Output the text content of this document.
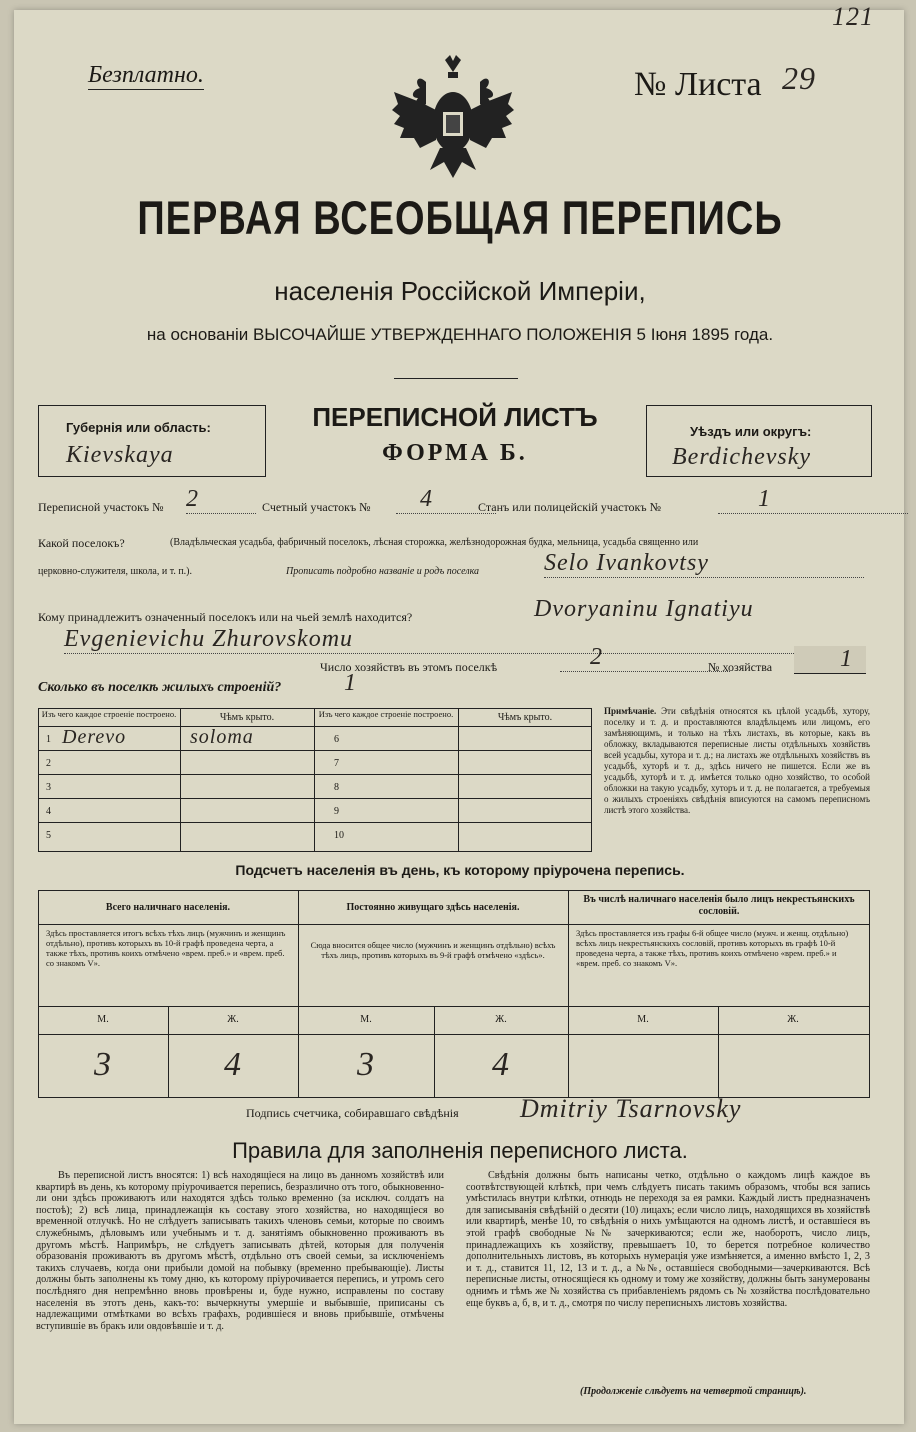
121
Безплатно.	№ Листа 29
ПЕРВАЯ ВСЕОБЩАЯ ПЕРЕПИСЬ
населенія Россійской Имперіи,
на основаніи ВЫСОЧАЙШЕ УТВЕРЖДЕННАГО ПОЛОЖЕНІЯ 5 Іюня 1895 года.
Губернія или область:
Kievskaya
ПЕРЕПИСНОЙ ЛИСТЪ
ФОРМА Б.
Уѣздъ или округъ:
Berdichevsky
Переписной участокъ № 2	Счетный участокъ №	4	Станъ или полицейскій участокъ №	1
Какой поселокъ?	(Владѣльческая усадьба, фабричный поселокъ, лѣсная сторожка, желѣзнодорожная будка, мельница, усадьба священно или
церковно-служителя, школа, и т. п.).	Прописать подробно названіе и родъ поселка	Selo Ivankovtsy
Кому принадлежитъ означенный поселокъ или на чьей землѣ находится?	Dvoryaninu Ignatiyu
Evgenievichu Zhurovskomu
Число хозяйствъ въ этомъ поселкѣ	2	№ хозяйства	1
Сколько въ поселкѣ жилыхъ строеній?	1
Изъ чего каждое строеніе построено.	Чѣмъ крыто.	Изъ чего каждое строеніе построено.	Чѣмъ крыто.
1 Derevo	soloma	6
2	7
3	8
4	9
5	10
Примѣчаніе. Эти свѣдѣнія относятся къ цѣлой усадьбѣ, хутору, поселку и т. д. и проставляются владѣльцемъ или лицомъ, его замѣняющимъ, и только на тѣхъ листахъ, въ которые, какъ въ обложку, вкладываются переписные листы отдѣльныхъ хозяйствъ всей усадьбы, хутора и т. д.; на листахъ же отдѣльныхъ хозяйствъ въ усадьбѣ, хуторѣ и т. д., здѣсь ничего не пишется. Если же въ усадьбѣ, хуторѣ и т. д. имѣется только одно хозяйство, то особой обложки на такую усадьбу, хуторъ и т. д. не полагается, а требуемыя о жилыхъ строеніяхъ свѣдѣнія вписуются на самомъ переписномъ листѣ этого хозяйства.
Подсчетъ населенія въ день, къ которому пріурочена перепись.
Всего наличнаго населенія.	Постоянно живущаго здѣсь населенія.
Въ числѣ наличнаго населенія было лицъ некрестьянскихъ сословій.
Здѣсь проставляется итогъ всѣхъ тѣхъ лицъ (мужчинъ и женщинъ отдѣльно), противъ которыхъ въ 10-й графѣ проведена черта, а также тѣхъ, противъ коихъ отмѣчено «врем. преб.» и «врем. преб. со знакомъ V».
Сюда вносится общее число (мужчинъ и женщинъ отдѣльно) всѣхъ тѣхъ лицъ, противъ которыхъ въ 9-й графѣ отмѣчено «здѣсь».
Здѣсь проставляется изъ графы 6-й общее число (мужч. и женщ. отдѣльно) всѣхъ лицъ некрестьянскихъ сословій, противъ которыхъ въ графѣ 10-й проведена черта, а также тѣхъ, противъ коихъ отмѣчено «врем. преб.» и «врем. преб. со знакомъ V».
М.	Ж.	М.	Ж.	М.	Ж.
3	4	3	4
Подпись счетчика, собиравшаго свѣдѣнія Dmitriy Tsarnovsky
Правила для заполненія переписного листа.
Въ переписной листъ вносятся: 1) всѣ находящіеся на лицо въ данномъ хозяйствѣ или квартирѣ въ день, къ которому пріурочивается перепись, безразлично отъ того, обыкновенно-ли они здѣсь проживаютъ или находятся здѣсь только временно (за исключ. солдатъ на постоѣ); 2) всѣ лица, принадлежащія къ составу этого хозяйства, но находящіеся во временной отлучкѣ. Но не слѣдуетъ записывать такихъ членовъ семьи, которые по своимъ служебнымъ, дѣловымъ или учебнымъ и т. д. занятіямъ обыкновенно проживаютъ въ другомъ мѣстѣ. Напримѣръ, не слѣдуетъ записывать дѣтей, которыя для полученія образованія проживаютъ въ другомъ мѣстѣ, отдѣльно отъ своей семьи, за исключеніемъ такихъ случаевъ, когда они прибыли домой на побывку (временно пребывающіе). Листы должны быть заполнены къ тому дню, къ которому пріурочивается перепись, и утромъ сего послѣдняго дня непремѣнно вновь провѣрены и, буде нужно, исправлены по составу населенія въ этотъ день, какъ-то: вычеркнуты умершіе и выбывшіе, приписаны съ надлежащими отмѣтками во всѣхъ графахъ, родившіеся и вновь прибывшіе, отмѣчены вступившіе въ бракъ или овдовѣвшіе и т. д.
Свѣдѣнія должны быть написаны четко, отдѣльно о каждомъ лицѣ каждое въ соотвѣтствующей клѣткѣ, при чемъ слѣдуетъ писать такимъ образомъ, чтобы вся запись умѣстилась внутри клѣтки, отнюдь не переходя за ея рамки. Каждый листъ предназначенъ для записыванія свѣдѣній о десяти (10) лицахъ; если число лицъ, находящихся въ хозяйствѣ или квартирѣ, менѣе 10, то свѣдѣнія о нихъ умѣщаются на одномъ листѣ, и оставшіеся въ этой графѣ свободные №№ зачеркиваются; если же, наоборотъ, число лицъ, принадлежащихъ къ хозяйству, превышаетъ 10, то берется потребное количество дополнительныхъ листовъ, въ которыхъ нумерація уже измѣняется, а именно вмѣсто 1, 2, 3 и т. д., ставится 11, 12, 13 и т. д., а №№, оставшіеся свободными—зачеркиваются. Всѣ переписные листы, относящіеся къ одному и тому же хозяйству, должны быть занумерованы однимъ и тѣмъ же № хозяйства съ прибавленіемъ рядомъ съ № хозяйства послѣдовательно еще буквъ а, б, в, и т. д., смотря по числу переписныхъ листовъ хозяйства.
(Продолженіе слѣдуетъ на четвертой страницѣ).
